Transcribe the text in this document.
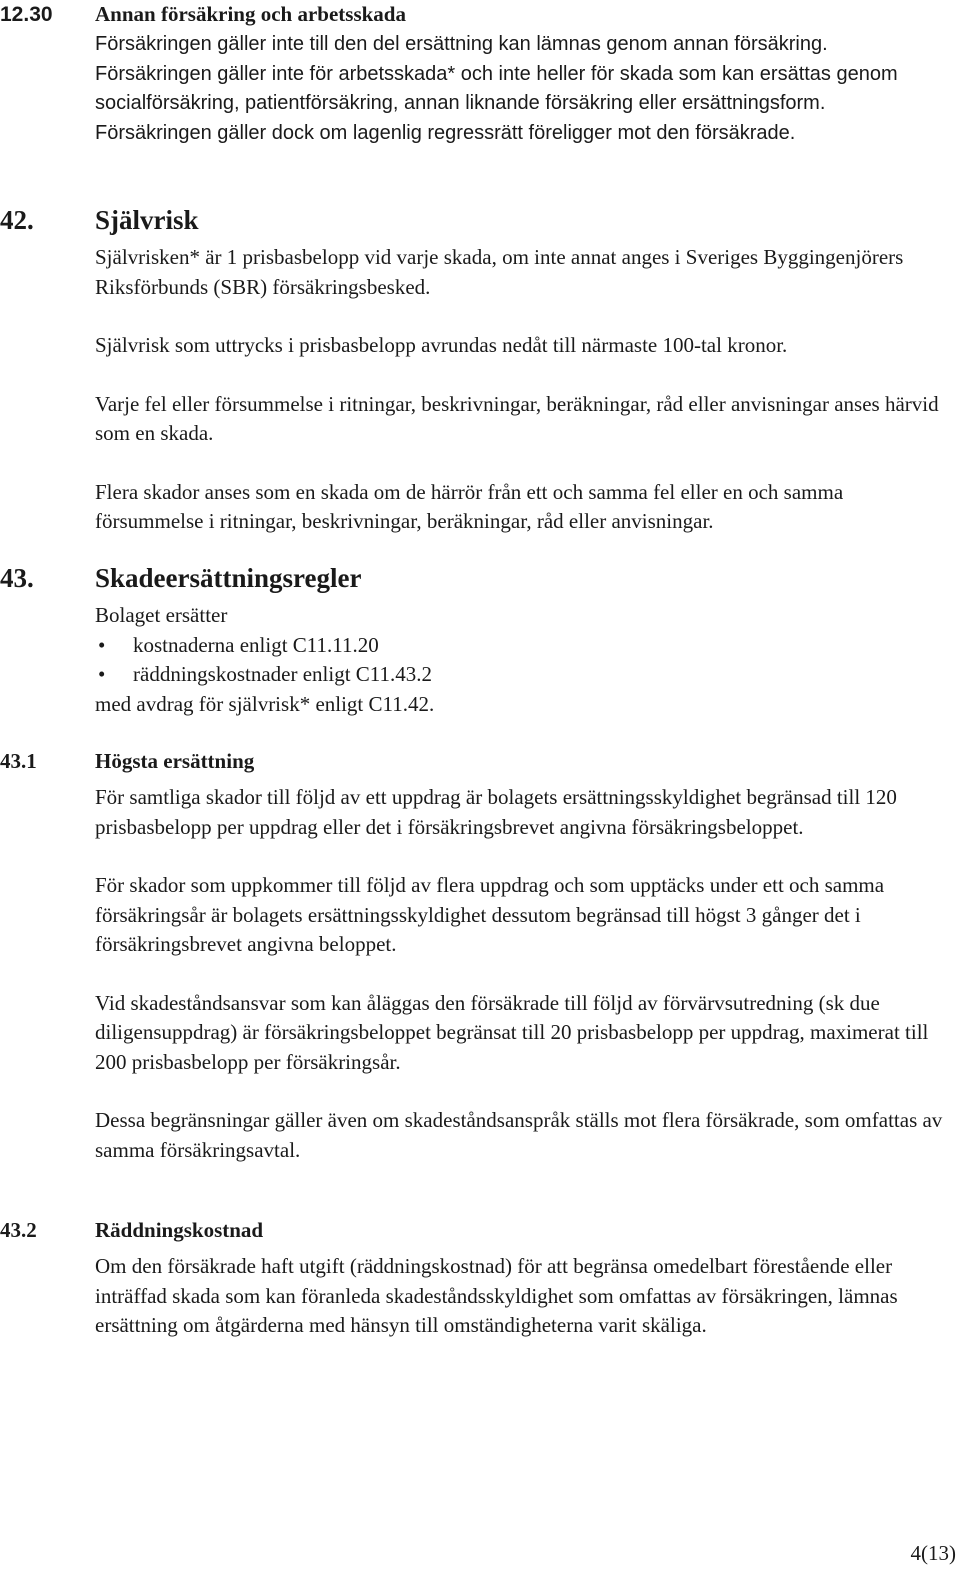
12.30 Annan försäkring och arbetsskada

Försäkringen gäller inte till den del ersättning kan lämnas genom annan försäkring.

Försäkringen gäller inte för arbetsskada* och inte heller för skada som kan ersättas genom socialförsäkring, patientförsäkring, annan liknande försäkring eller ersättningsform.

Försäkringen gäller dock om lagenlig regressrätt föreligger mot den försäkrade.

42. Självrisk

Självrisken* är 1 prisbasbelopp vid varje skada, om inte annat anges i Sveriges Byggingenjörers Riksförbunds (SBR) försäkringsbesked.

Självrisk som uttrycks i prisbasbelopp avrundas nedåt till närmaste 100-tal kronor.

Varje fel eller försummelse i ritningar, beskrivningar, beräkningar, råd eller anvisningar anses härvid som en skada.

Flera skador anses som en skada om de härrör från ett och samma fel eller en och samma försummelse i ritningar, beskrivningar, beräkningar, råd eller anvisningar.

43. Skadeersättningsregler

Bolaget ersätter

• kostnaderna enligt C11.11.20
• räddningskostnader enligt C11.43.2

med avdrag för självrisk* enligt C11.42.

43.1	Högsta ersättning

För samtliga skador till följd av ett uppdrag är bolagets ersättningsskyldighet begränsad till 120 prisbasbelopp per uppdrag eller det i försäkringsbrevet angivna försäkringsbeloppet.

För skador som uppkommer till följd av flera uppdrag och som upptäcks under ett och samma försäkringsår är bolagets ersättningsskyldighet dessutom begränsad till högst 3 gånger det i försäkringsbrevet angivna beloppet.

Vid skadeståndsansvar som kan åläggas den försäkrade till följd av förvärvsutredning (sk due diligensuppdrag) är försäkringsbeloppet begränsat till 20 prisbasbelopp per uppdrag, maximerat till 200 prisbasbelopp per försäkringsår.

Dessa begränsningar gäller även om skadeståndsanspråk ställs mot flera försäkrade, som omfattas av samma försäkringsavtal.

43.2	Räddningskostnad

Om den försäkrade haft utgift (räddningskostnad) för att begränsa omedelbart förestående eller inträffad skada som kan föranleda skadeståndsskyldighet som omfattas av försäkringen, lämnas ersättning om åtgärderna med hänsyn till omständigheterna varit skäliga.

4(13)
